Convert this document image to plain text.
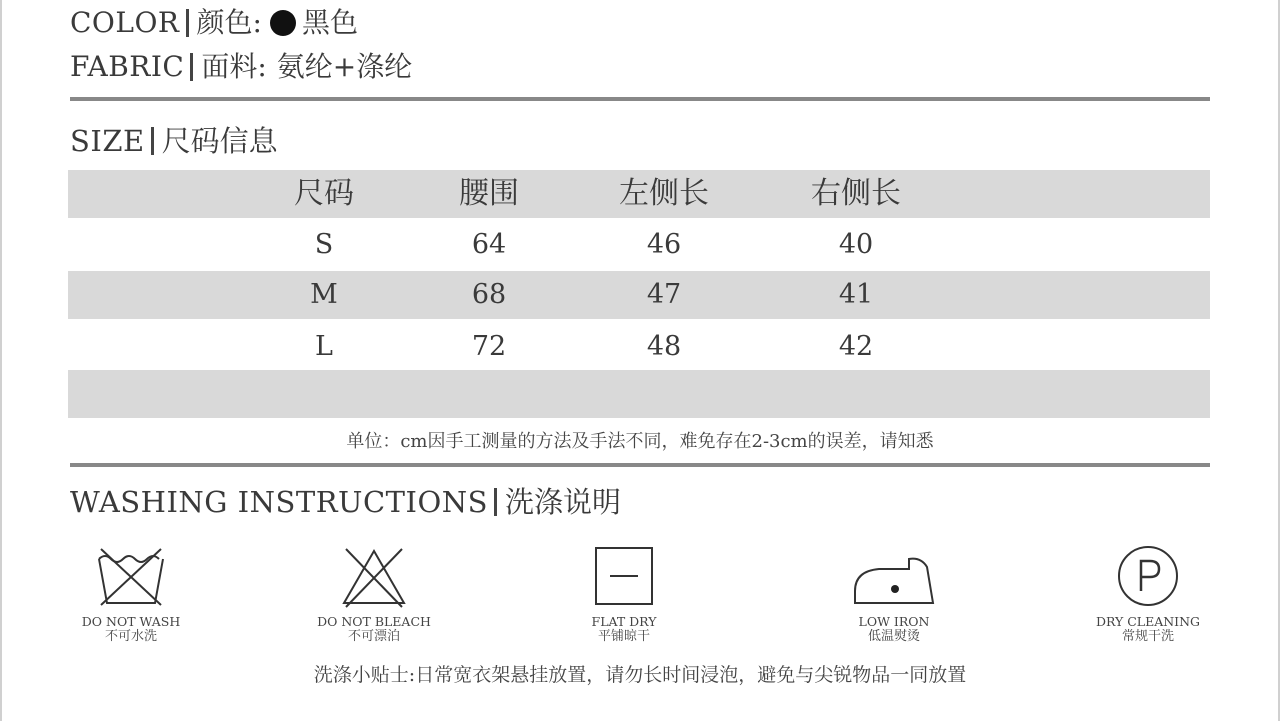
COLOR 颜色: 黑色
FABRIC 面料: 氨纶+涤纶
SIZE 尺码信息
尺码	腰围	左侧长	右侧长
S	64	46	40
M	68	47	41
L	72	48	42
单位：cm因手工测量的方法及手法不同，难免存在2-3cm的误差，请知悉
WASHING INSTRUCTIONS 洗涤说明
DO NOT WASH
不可水洗
DO NOT BLEACH
不可漂泊
FLAT DRY
平铺晾干
LOW IRON
低温熨烫
DRY CLEANING
常规干洗
洗涤小贴士:日常宽衣架悬挂放置，请勿长时间浸泡，避免与尖锐物品一同放置
